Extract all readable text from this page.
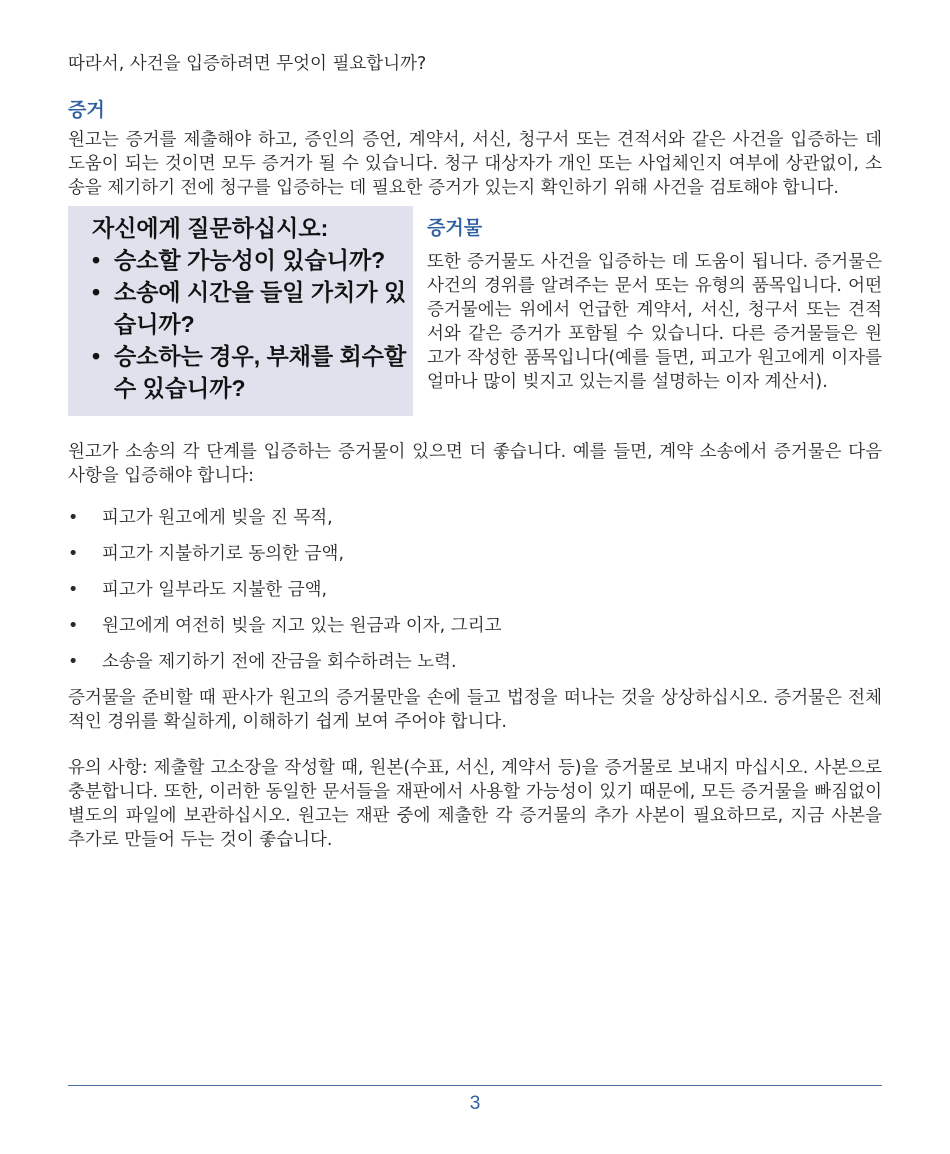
따라서, 사건을 입증하려면 무엇이 필요합니까?

증거

원고는 증거를 제출해야 하고, 증인의 증언, 계약서, 서신, 청구서 또는 견적서와 같은 사건을 입증하는 데 도움이 되는 것이면 모두 증거가 될 수 있습니다. 청구 대상자가 개인 또는 사업체인지 여부에 상관없이, 소송을 제기하기 전에 청구를 입증하는 데 필요한 증거가 있는지 확인하기 위해 사건을 검토해야 합니다.

자신에게 질문하십시오:
• 승소할 가능성이 있습니까?
• 소송에 시간을 들일 가치가 있습니까?
• 승소하는 경우, 부채를 회수할 수 있습니까?
증거물

또한 증거물도 사건을 입증하는 데 도움이 됩니다. 증거물은 사건의 경위를 알려주는 문서 또는 유형의 품목입니다. 어떤 증거물에는 위에서 언급한 계약서, 서신, 청구서 또는 견적서와 같은 증거가 포함될 수 있습니다. 다른 증거물들은 원고가 작성한 품목입니다(예를 들면, 피고가 원고에게 이자를 얼마나 많이 빚지고 있는지를 설명하는 이자 계산서).

원고가 소송의 각 단계를 입증하는 증거물이 있으면 더 좋습니다. 예를 들면, 계약 소송에서 증거물은 다음 사항을 입증해야 합니다:

• 피고가 원고에게 빚을 진 목적,
• 피고가 지불하기로 동의한 금액,
• 피고가 일부라도 지불한 금액,
• 원고에게 여전히 빚을 지고 있는 원금과 이자, 그리고
• 소송을 제기하기 전에 잔금을 회수하려는 노력.

증거물을 준비할 때 판사가 원고의 증거물만을 손에 들고 법정을 떠나는 것을 상상하십시오. 증거물은 전체적인 경위를 확실하게, 이해하기 쉽게 보여 주어야 합니다.

유의 사항: 제출할 고소장을 작성할 때, 원본(수표, 서신, 계약서 등)을 증거물로 보내지 마십시오. 사본으로 충분합니다. 또한, 이러한 동일한 문서들을 재판에서 사용할 가능성이 있기 때문에, 모든 증거물을 빠짐없이 별도의 파일에 보관하십시오. 원고는 재판 중에 제출한 각 증거물의 추가 사본이 필요하므로, 지금 사본을 추가로 만들어 두는 것이 좋습니다.

3
